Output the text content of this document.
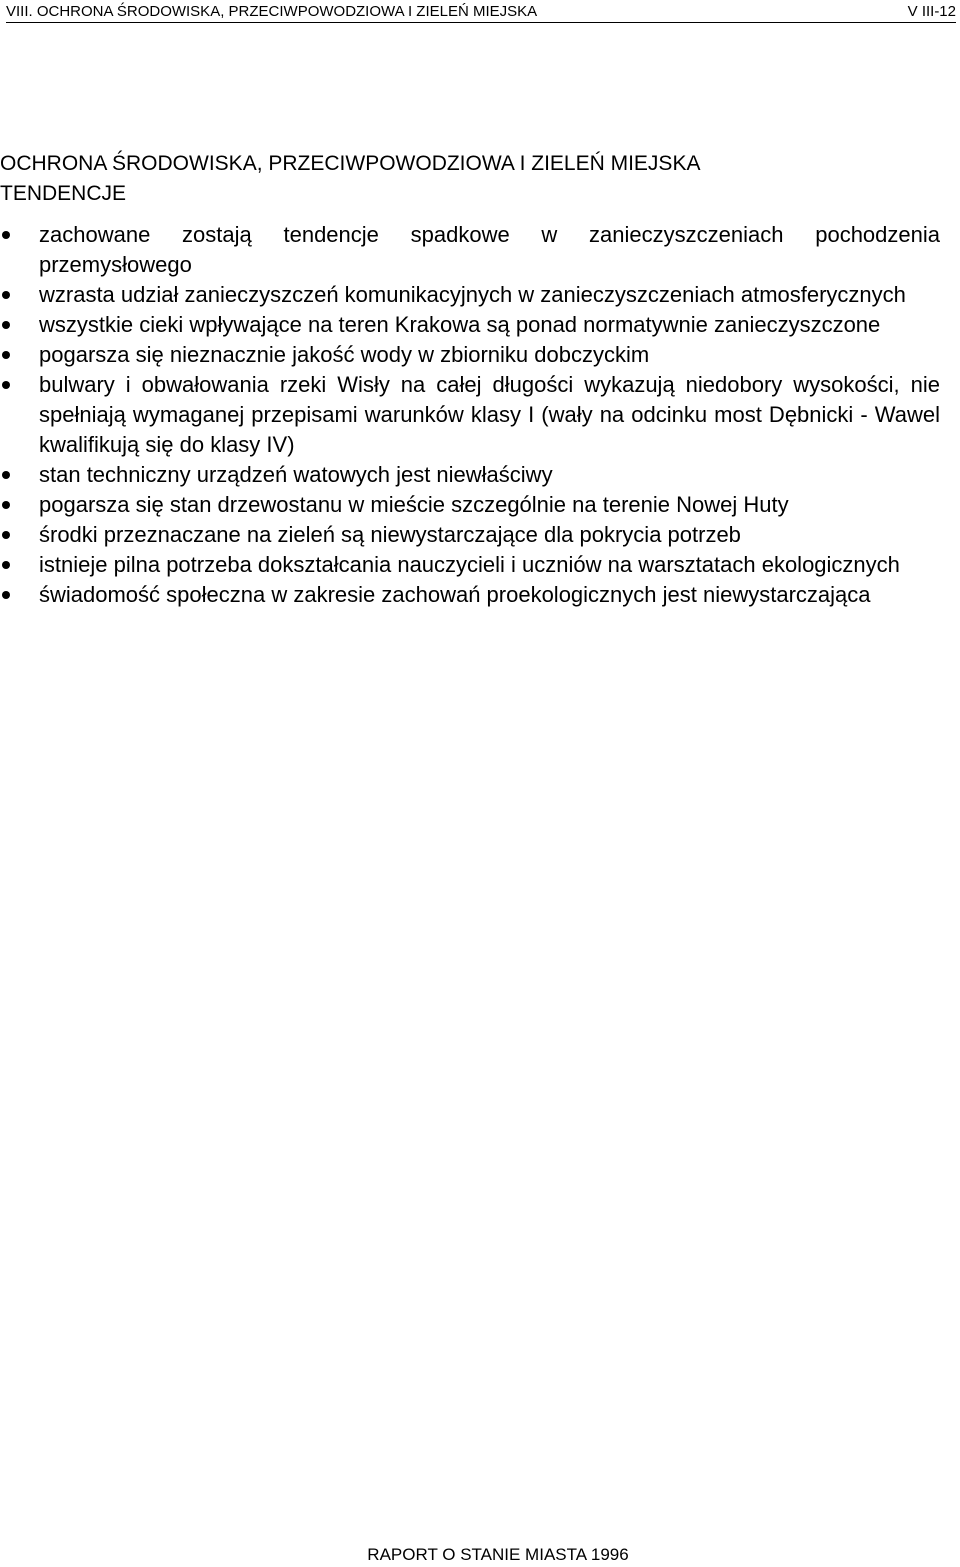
VIII. OCHRONA ŚRODOWISKA, PRZECIWPOWODZIOWA I ZIELEŃ MIEJSKA	V III-12
OCHRONA ŚRODOWISKA, PRZECIWPOWODZIOWA I ZIELEŃ MIEJSKA
TENDENCJE
zachowane zostają tendencje spadkowe w zanieczyszczeniach pochodzenia przemysłowego
wzrasta udział zanieczyszczeń komunikacyjnych w zanieczyszczeniach atmosferycznych
wszystkie cieki wpływające na teren Krakowa są ponad normatywnie zanieczyszczone
pogarsza się nieznacznie jakość wody w zbiorniku dobczyckim
bulwary i obwałowania rzeki Wisły na całej długości wykazują niedobory wysokości, nie spełniają wymaganej przepisami warunków klasy I (wały na odcinku most Dębnicki - Wawel kwalifikują się do klasy IV)
stan techniczny urządzeń watowych jest niewłaściwy
pogarsza się stan drzewostanu w mieście szczególnie na terenie Nowej Huty
środki przeznaczane na zieleń są niewystarczające dla pokrycia potrzeb
istnieje pilna potrzeba dokształcania nauczycieli i uczniów na warsztatach ekologicznych
świadomość społeczna w zakresie zachowań proekologicznych jest niewystarczająca
RAPORT O STANIE MIASTA 1996
